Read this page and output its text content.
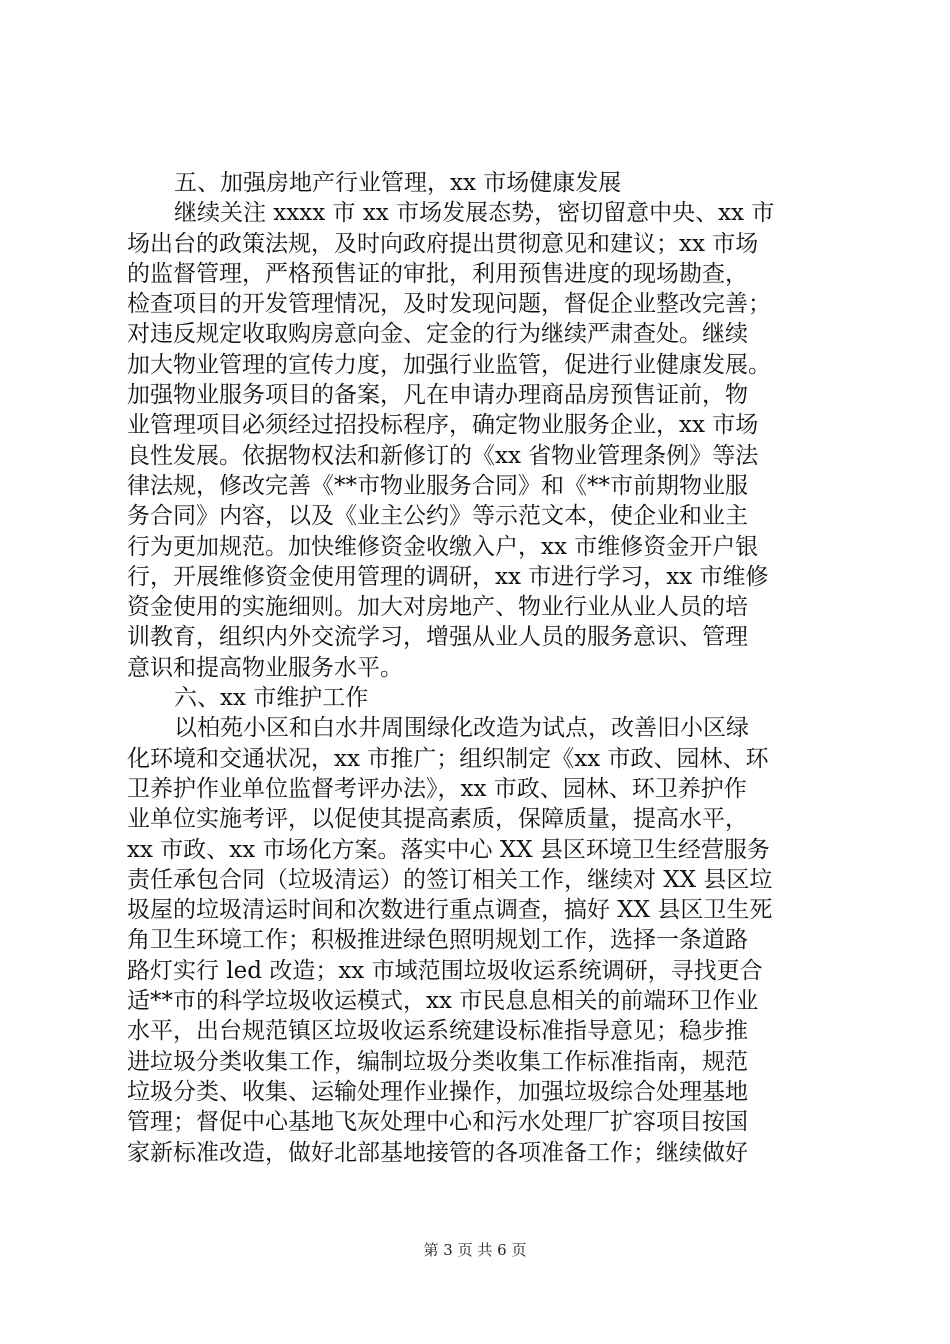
五、加强房地产行业管理，xx 市场健康发展
继续关注 xxxx 市 xx 市场发展态势，密切留意中央、xx 市
场出台的政策法规，及时向政府提出贯彻意见和建议；xx 市场
的监督管理，严格预售证的审批，利用预售进度的现场勘查，
检查项目的开发管理情况，及时发现问题，督促企业整改完善；
对违反规定收取购房意向金、定金的行为继续严肃查处。继续
加大物业管理的宣传力度，加强行业监管，促进行业健康发展。
加强物业服务项目的备案，凡在申请办理商品房预售证前，物
业管理项目必须经过招投标程序，确定物业服务企业，xx 市场
良性发展。依据物权法和新修订的《xx 省物业管理条例》等法
律法规，修改完善《**市物业服务合同》和《**市前期物业服
务合同》内容，以及《业主公约》等示范文本，使企业和业主
行为更加规范。加快维修资金收缴入户，xx 市维修资金开户银
行，开展维修资金使用管理的调研，xx 市进行学习，xx 市维修
资金使用的实施细则。加大对房地产、物业行业从业人员的培
训教育，组织内外交流学习，增强从业人员的服务意识、管理
意识和提高物业服务水平。
六、xx 市维护工作
以柏苑小区和白水井周围绿化改造为试点，改善旧小区绿
化环境和交通状况，xx 市推广；组织制定《xx 市政、园林、环
卫养护作业单位监督考评办法》，xx 市政、园林、环卫养护作
业单位实施考评，以促使其提高素质，保障质量，提高水平，
xx 市政、xx 市场化方案。落实中心 XX 县区环境卫生经营服务
责任承包合同（垃圾清运）的签订相关工作，继续对 XX 县区垃
圾屋的垃圾清运时间和次数进行重点调查，搞好 XX 县区卫生死
角卫生环境工作；积极推进绿色照明规划工作，选择一条道路
路灯实行 led 改造；xx 市域范围垃圾收运系统调研，寻找更合
适**市的科学垃圾收运模式，xx 市民息息相关的前端环卫作业
水平，出台规范镇区垃圾收运系统建设标准指导意见；稳步推
进垃圾分类收集工作，编制垃圾分类收集工作标准指南，规范
垃圾分类、收集、运输处理作业操作，加强垃圾综合处理基地
管理；督促中心基地飞灰处理中心和污水处理厂扩容项目按国
家新标准改造，做好北部基地接管的各项准备工作；继续做好
第 3 页 共 6 页
